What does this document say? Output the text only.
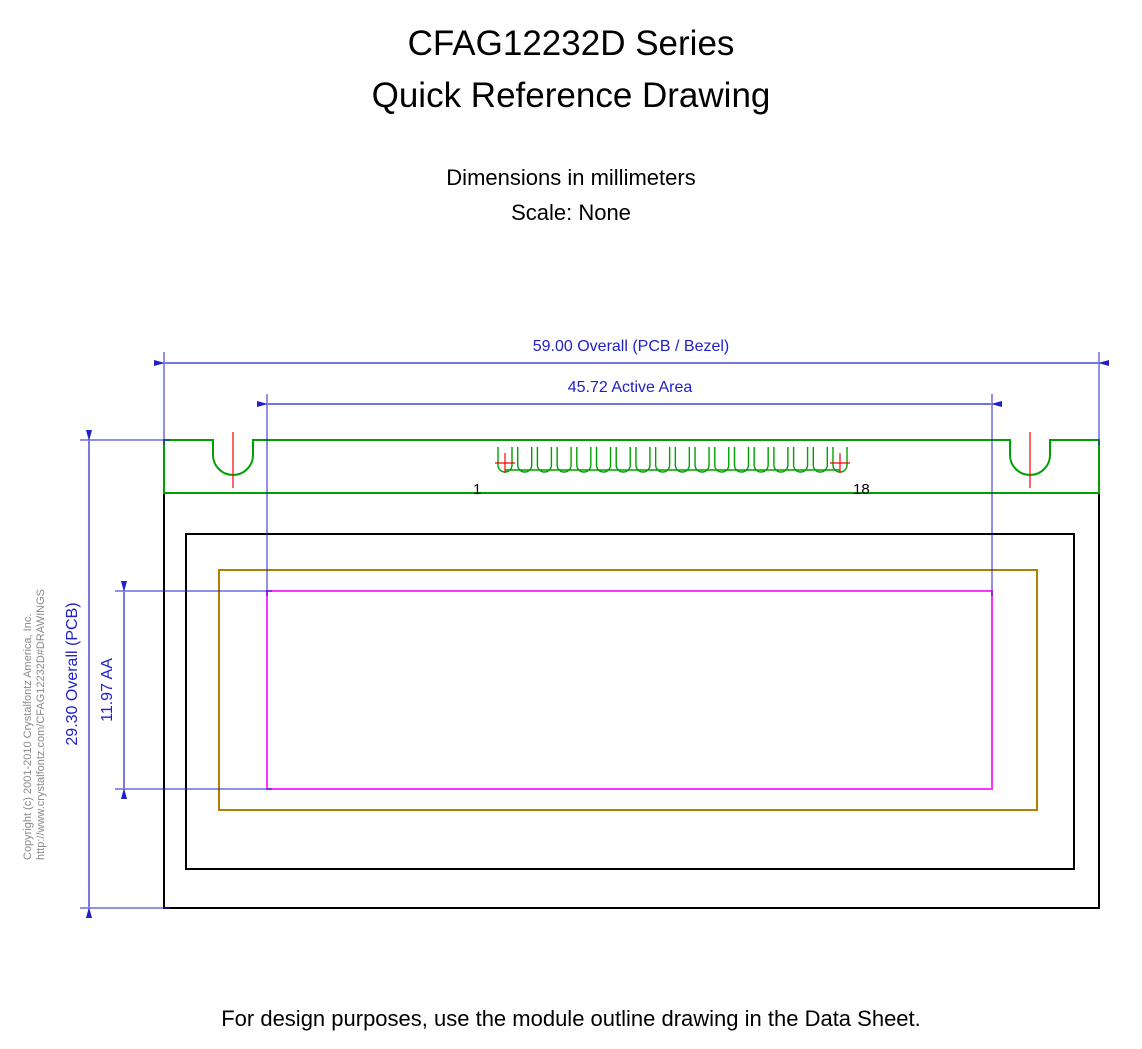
CFAG12232D Series
Quick Reference Drawing
Dimensions in millimeters
Scale: None
Copyright (c) 2001-2010 Crystalfontz America, Inc. http://www.crystalfontz.com/CFAG12232D#DRAWINGS
1	18
59.00 Overall (PCB / Bezel)
45.72 Active Area
29.30 Overall (PCB) 11.97 AA
For design purposes, use the module outline drawing in the Data Sheet.
